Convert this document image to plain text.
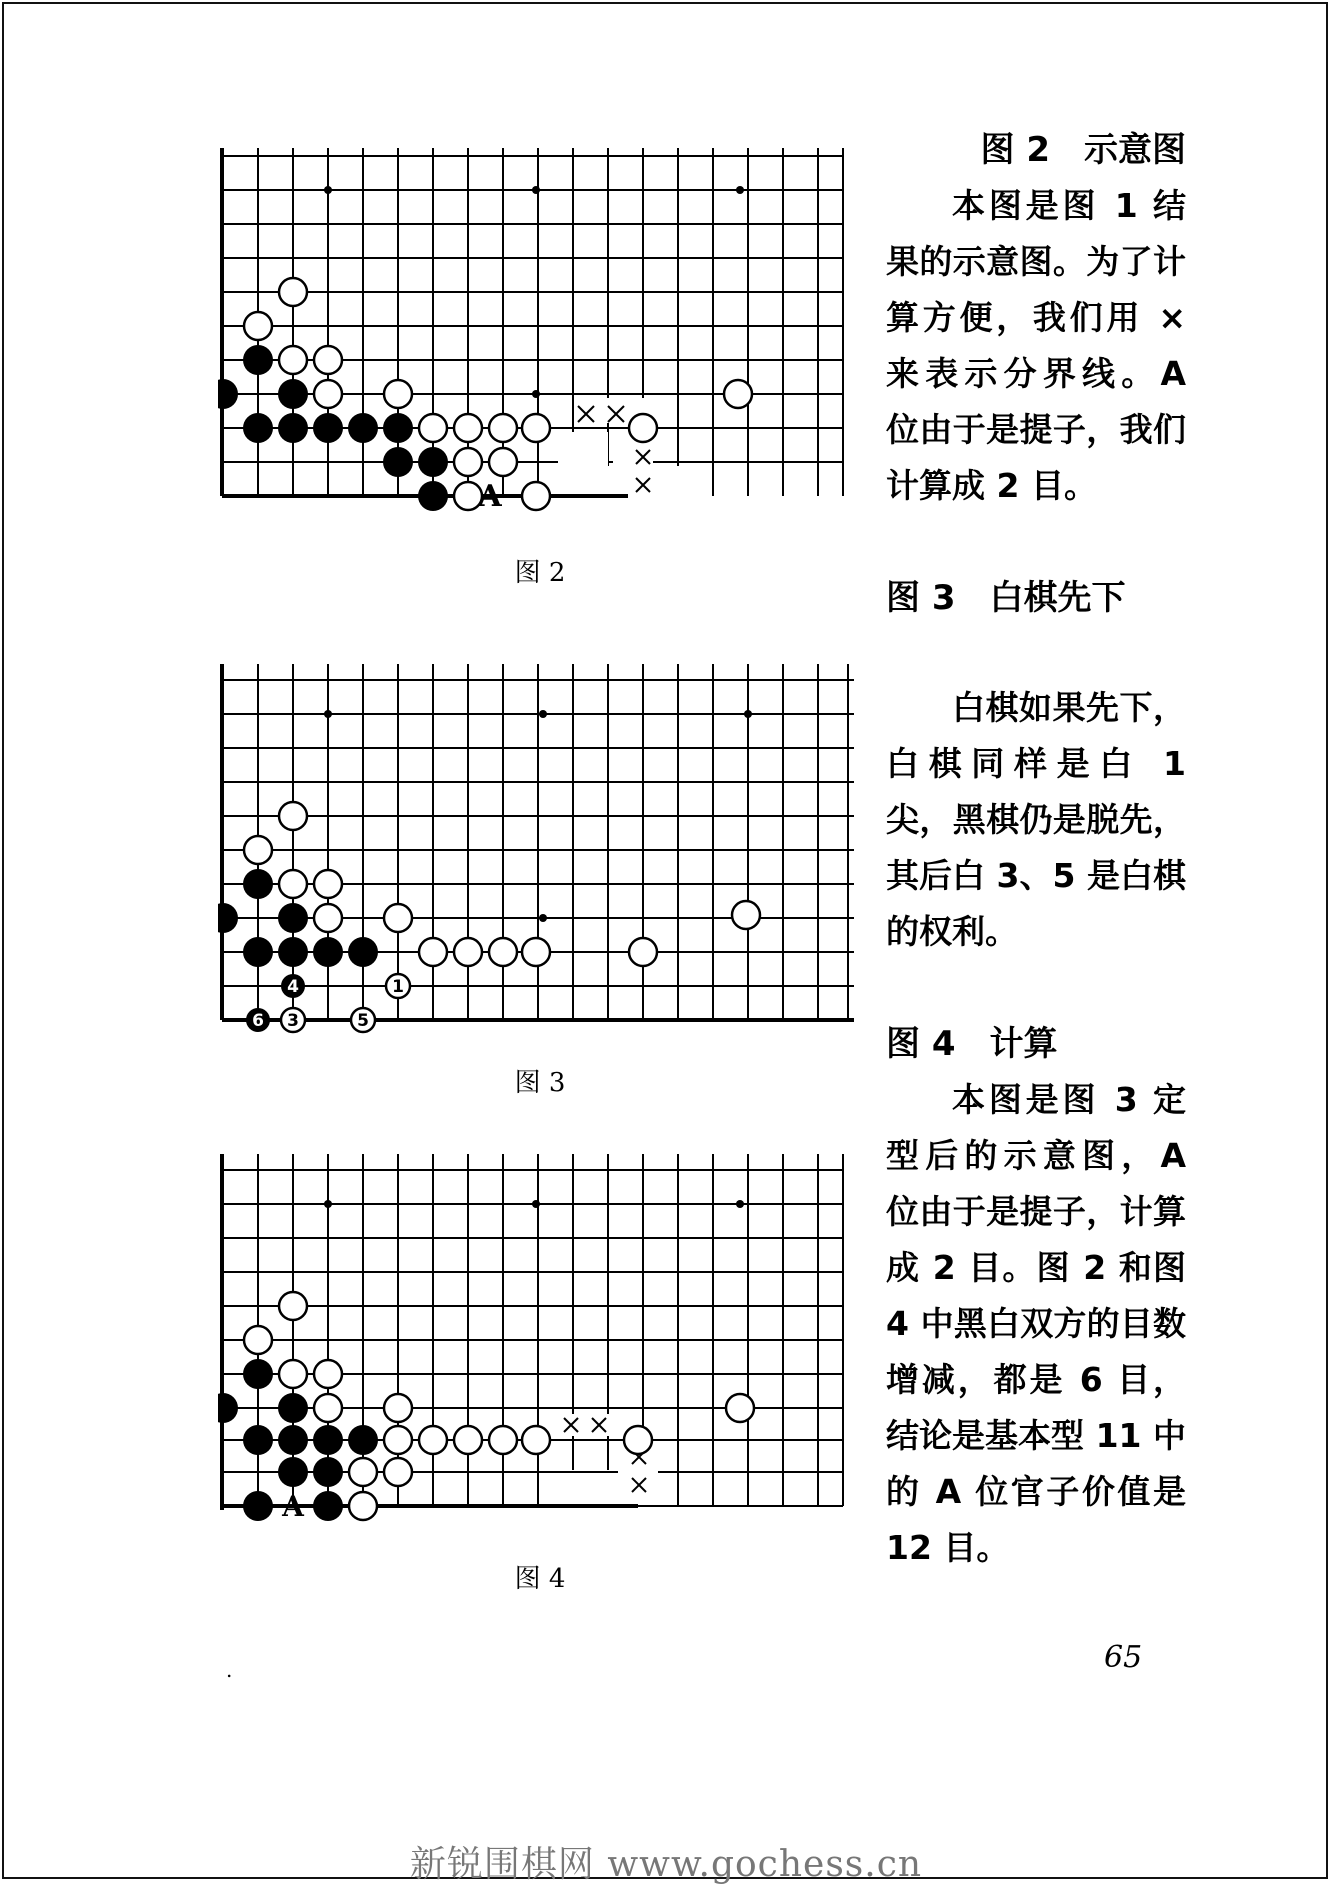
A
图 2
1
3
4
5
6
图 3
A
图 4
图 2　示意图
本图是图 1 结果的示意图。为了计算方便，我们用 × 来表示分界线。A 位由于是提子，我们计算成 2 目。
图 3　白棋先下
白棋如果先下，白棋同样是白 1 尖，黑棋仍是脱先，其后白 3、5 是白棋的权利。
图 4　计算
本图是图 3 定型后的示意图，A 位由于是提子，计算成 2 目。图 2 和图 4 中黑白双方的目数增减，都是 6 目，结论是基本型 11 中的 A 位官子价值是 12 目。
.	65
新锐围棋网 www.gochess.cn
